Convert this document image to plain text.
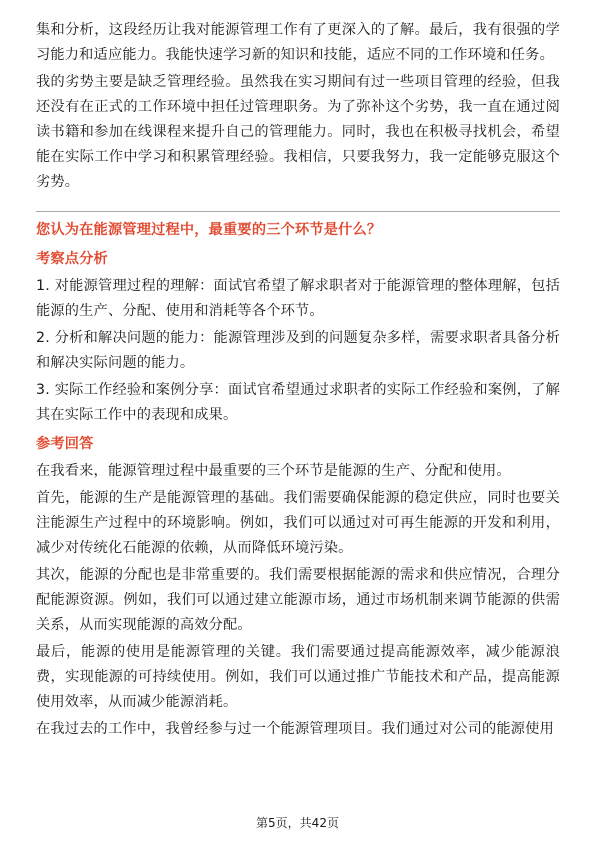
集和分析，这段经历让我对能源管理工作有了更深入的了解。最后，我有很强的学习能力和适应能力。我能快速学习新的知识和技能，适应不同的工作环境和任务。

我的劣势主要是缺乏管理经验。虽然我在实习期间有过一些项目管理的经验，但我还没有在正式的工作环境中担任过管理职务。为了弥补这个劣势，我一直在通过阅读书籍和参加在线课程来提升自己的管理能力。同时，我也在积极寻找机会，希望能在实际工作中学习和积累管理经验。我相信，只要我努力，我一定能够克服这个劣势。

您认为在能源管理过程中，最重要的三个环节是什么？

考察点分析

1. 对能源管理过程的理解：面试官希望了解求职者对于能源管理的整体理解，包括能源的生产、分配、使用和消耗等各个环节。

2. 分析和解决问题的能力：能源管理涉及到的问题复杂多样，需要求职者具备分析和解决实际问题的能力。

3. 实际工作经验和案例分享：面试官希望通过求职者的实际工作经验和案例，了解其在实际工作中的表现和成果。

参考回答

在我看来，能源管理过程中最重要的三个环节是能源的生产、分配和使用。

首先，能源的生产是能源管理的基础。我们需要确保能源的稳定供应，同时也要关注能源生产过程中的环境影响。例如，我们可以通过对可再生能源的开发和利用，减少对传统化石能源的依赖，从而降低环境污染。

其次，能源的分配也是非常重要的。我们需要根据能源的需求和供应情况，合理分配能源资源。例如，我们可以通过建立能源市场，通过市场机制来调节能源的供需关系，从而实现能源的高效分配。

最后，能源的使用是能源管理的关键。我们需要通过提高能源效率，减少能源浪费，实现能源的可持续使用。例如，我们可以通过推广节能技术和产品，提高能源使用效率，从而减少能源消耗。

在我过去的工作中，我曾经参与过一个能源管理项目。我们通过对公司的能源使用

第5页，共42页
